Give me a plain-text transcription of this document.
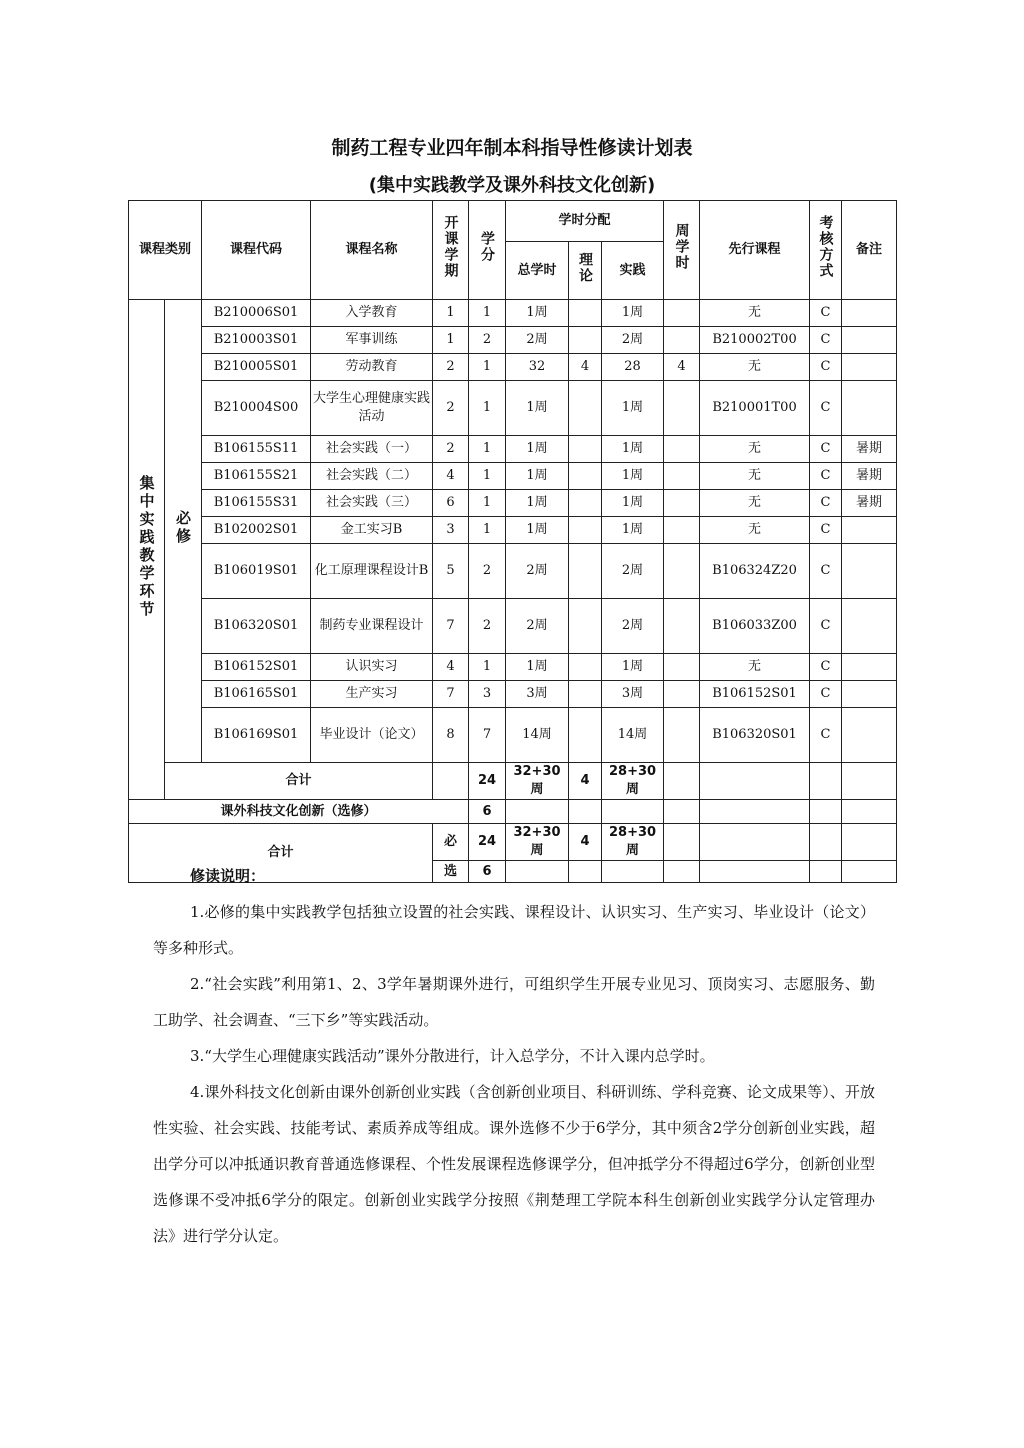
制药工程专业四年制本科指导性修读计划表
(集中实践教学及课外科技文化创新)
课程类别		课程代码	课程名称	开课学期	学分	学时分配			周学时	先行课程	考核方式	备注
						总学时	理论	实践				
集中实践教学环节	必修	B210006S01	入学教育	1	1	1周		1周		无	C	
		B210003S01	军事训练	1	2	2周		2周		B210002T00	C	
		B210005S01	劳动教育	2	1	32	4	28	4	无	C	
		B210004S00	大学生心理健康实践活动	2	1	1周		1周		B210001T00	C	
		B106155S11	社会实践（一）	2	1	1周		1周		无	C	暑期
		B106155S21	社会实践（二）	4	1	1周		1周		无	C	暑期
		B106155S31	社会实践（三）	6	1	1周		1周		无	C	暑期
		B102002S01	金工实习B	3	1	1周		1周		无	C	
		B106019S01	化工原理课程设计B	5	2	2周		2周		B106324Z20	C	
		B106320S01	制药专业课程设计	7	2	2周		2周		B106033Z00	C	
		B106152S01	认识实习	4	1	1周		1周		无	C	
		B106165S01	生产实习	7	3	3周		3周		B106152S01	C	
		B106169S01	毕业设计（论文）	8	7	14周		14周		B106320S01	C	
	合计				24	32+30周	4	28+30周				
课外科技文化创新（选修）					6							
合计				必	24	32+30周	4	28+30周				
				选	6							
修读说明：

1.必修的集中实践教学包括独立设置的社会实践、课程设计、认识实习、生产实习、毕业设计（论文）等多种形式。

2.“社会实践”利用第1、2、3学年暑期课外进行，可组织学生开展专业见习、顶岗实习、志愿服务、勤工助学、社会调查、“三下乡”等实践活动。

3.“大学生心理健康实践活动”课外分散进行，计入总学分，不计入课内总学时。

4.课外科技文化创新由课外创新创业实践（含创新创业项目、科研训练、学科竞赛、论文成果等）、开放性实验、社会实践、技能考试、素质养成等组成。课外选修不少于6学分，其中须含2学分创新创业实践，超出学分可以冲抵通识教育普通选修课程、个性发展课程选修课学分，但冲抵学分不得超过6学分，创新创业型选修课不受冲抵6学分的限定。创新创业实践学分按照《荆楚理工学院本科生创新创业实践学分认定管理办法》进行学分认定。
